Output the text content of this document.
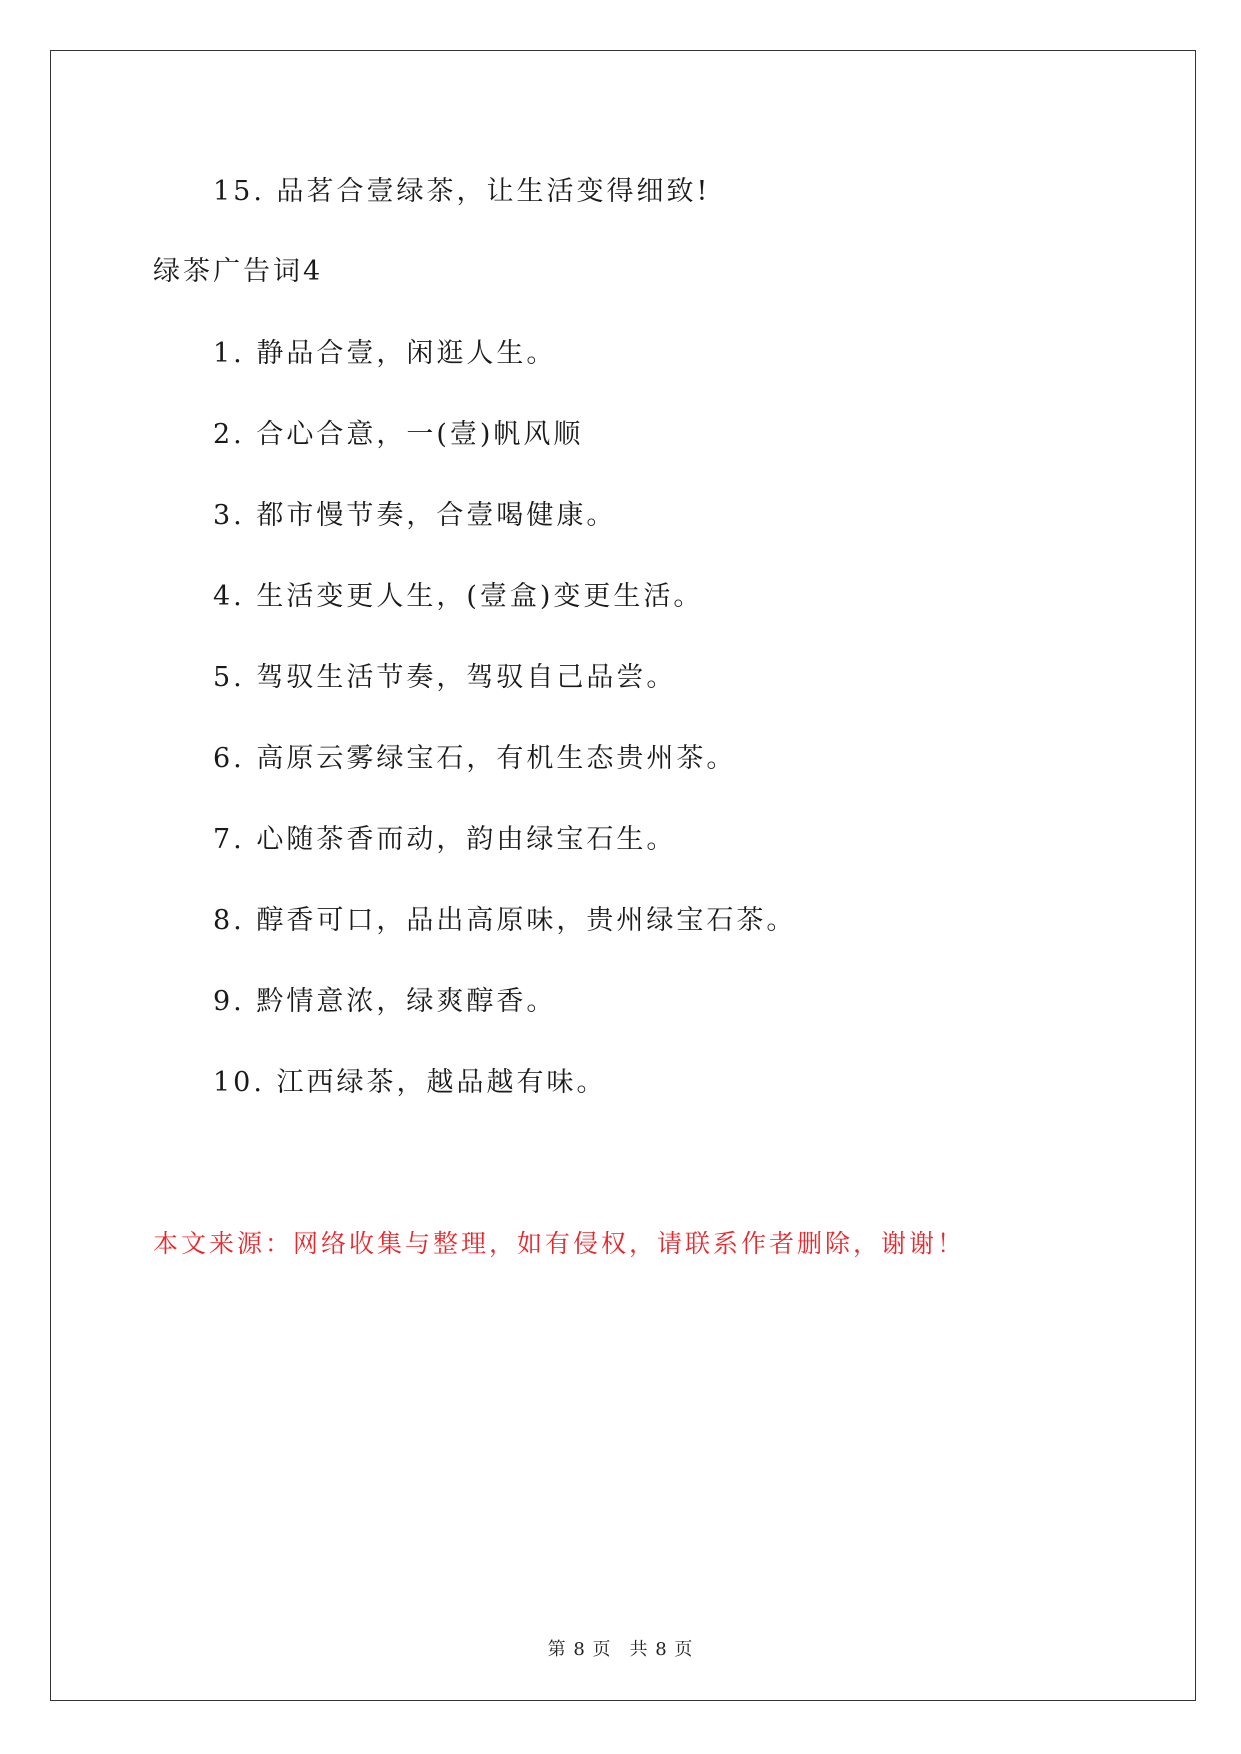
15. 品茗合壹绿茶，让生活变得细致!
绿茶广告词4
1. 静品合壹，闲逛人生。
2. 合心合意，一(壹)帆风顺
3. 都市慢节奏，合壹喝健康。
4. 生活变更人生，(壹盒)变更生活。
5. 驾驭生活节奏，驾驭自己品尝。
6. 高原云雾绿宝石，有机生态贵州茶。
7. 心随茶香而动，韵由绿宝石生。
8. 醇香可口，品出高原味，贵州绿宝石茶。
9. 黔情意浓，绿爽醇香。
10. 江西绿茶，越品越有味。
本文来源：网络收集与整理，如有侵权，请联系作者删除，谢谢！
第 8 页 共 8 页
